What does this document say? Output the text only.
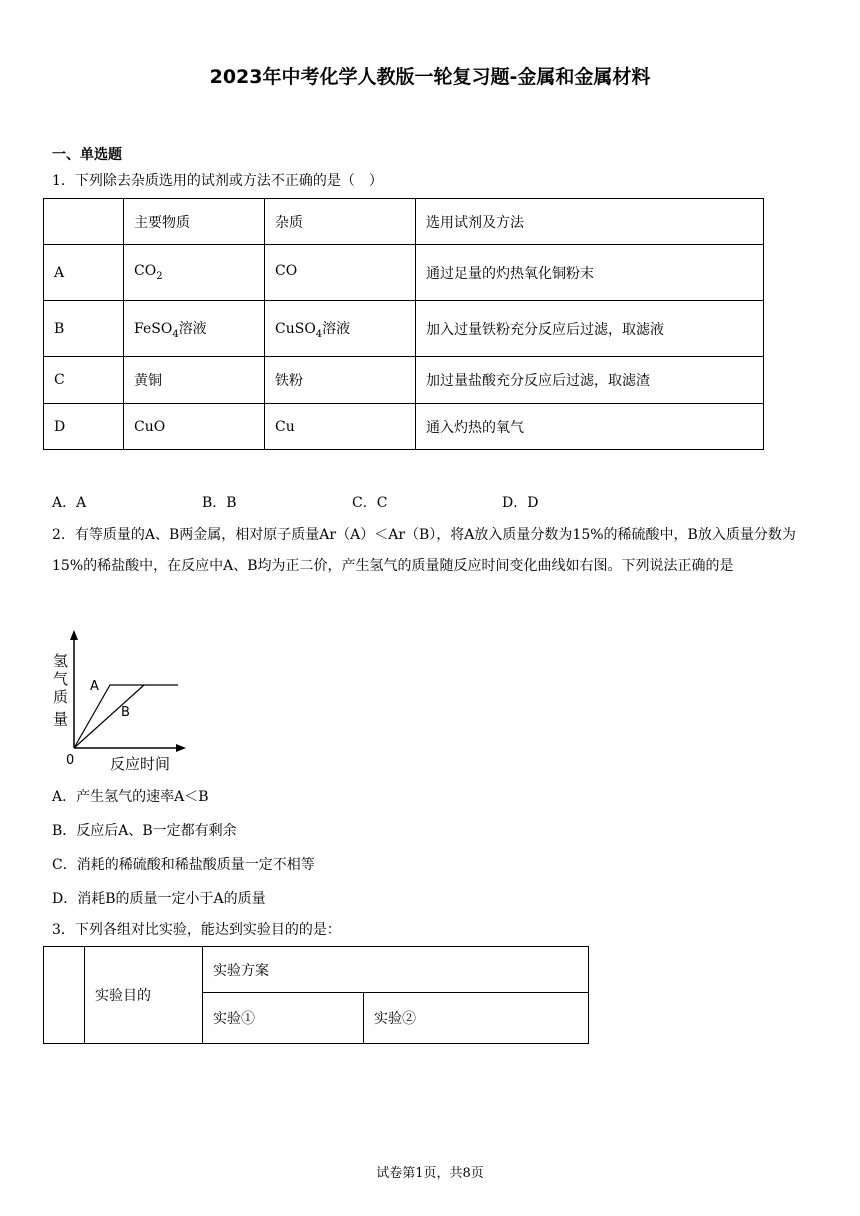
2023年中考化学人教版一轮复习题-金属和金属材料
一、单选题
1．下列除去杂质选用的试剂或方法不正确的是（　）
	主要物质	杂质	选用试剂及方法
A	$CO_2$	CO	通过足量的灼热氧化铜粉末
B	FeSO$_4$溶液	CuSO$_4$溶液	加入过量铁粉充分反应后过滤，取滤液
C	黄铜	铁粉	加过量盐酸充分反应后过滤，取滤渣
D	CuO	Cu	通入灼热的氧气
A．A	B．B	C．C	D．D
2．有等质量的A、B两金属，相对原子质量Ar（A）＜Ar（B），将A放入质量分数为15%的稀硫酸中，B放入质量分数为15%的稀盐酸中，在反应中A、B均为正二价，产生氢气的质量随反应时间变化曲线如右图。下列说法正确的是
氢
气
质
量
A
B
0 反应时间
A．产生氢气的速率A＜B
B．反应后A、B一定都有剩余
C．消耗的稀硫酸和稀盐酸质量一定不相等
D．消耗B的质量一定小于A的质量
3．下列各组对比实验，能达到实验目的的是：
	实验目的	实验方案	
		实验①	实验②
试卷第1页，共8页
